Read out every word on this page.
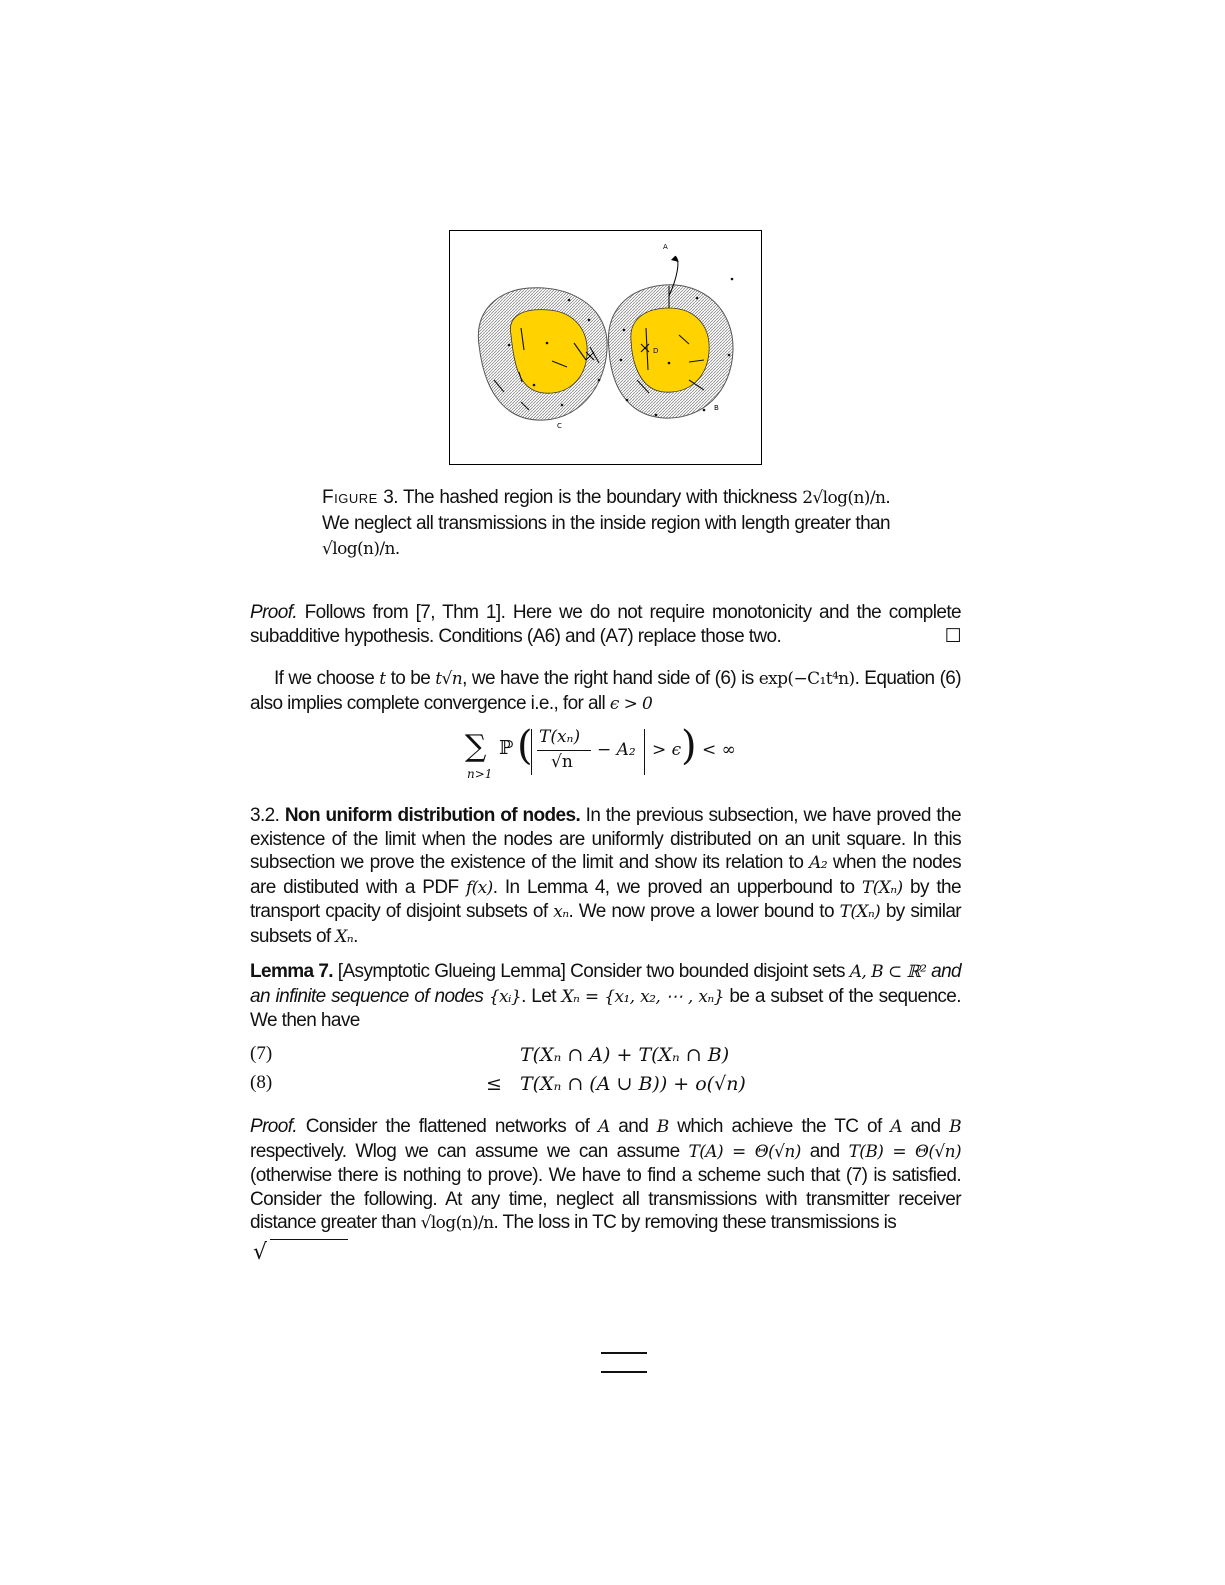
A
B
C
D
Figure 3. The hashed region is the boundary with thickness 2√log(n)/n. We neglect all transmissions in the inside region with length greater than √log(n)/n.
Proof. Follows from [7, Thm 1]. Here we do not require monotonicity and the complete subadditive hypothesis. Conditions (A6) and (A7) replace those two.	☐
If we choose t to be t√n, we have the right hand side of (6) is exp(−C₁t⁴n). Equation (6) also implies complete convergence i.e., for all ϵ > 0
∑
n>1
ℙ ( T(xₙ)
√n
− A₂ > ϵ ) < ∞
3.2. Non uniform distribution of nodes. In the previous subsection, we have proved the existence of the limit when the nodes are uniformly distributed on an unit square. In this subsection we prove the existence of the limit and show its relation to A₂ when the nodes are distibuted with a PDF f(x). In Lemma 4, we proved an upperbound to T(Xₙ) by the transport cpacity of disjoint subsets of xₙ. We now prove a lower bound to T(Xₙ) by similar subsets of Xₙ.
Lemma 7. [Asymptotic Glueing Lemma] Consider two bounded disjoint sets A, B ⊂ ℝ² and an infinite sequence of nodes {xᵢ}. Let Xₙ = {x₁, x₂, ⋯ , xₙ} be a subset of the sequence. We then have
(7)	T(Xₙ ∩ A) + T(Xₙ ∩ B)
(8)	≤ T(Xₙ ∩ (A ∪ B)) + o(√n)
Proof. Consider the flattened networks of A and B which achieve the TC of A and B respectively. Wlog we can assume we can assume T(A) = Θ(√n) and T(B) = Θ(√n) (otherwise there is nothing to prove). We have to find a scheme such that (7) is satisfied. Consider the following. At any time, neglect all transmissions with transmitter receiver distance greater than √log(n)/n. The loss in TC by removing these transmissions is
√
